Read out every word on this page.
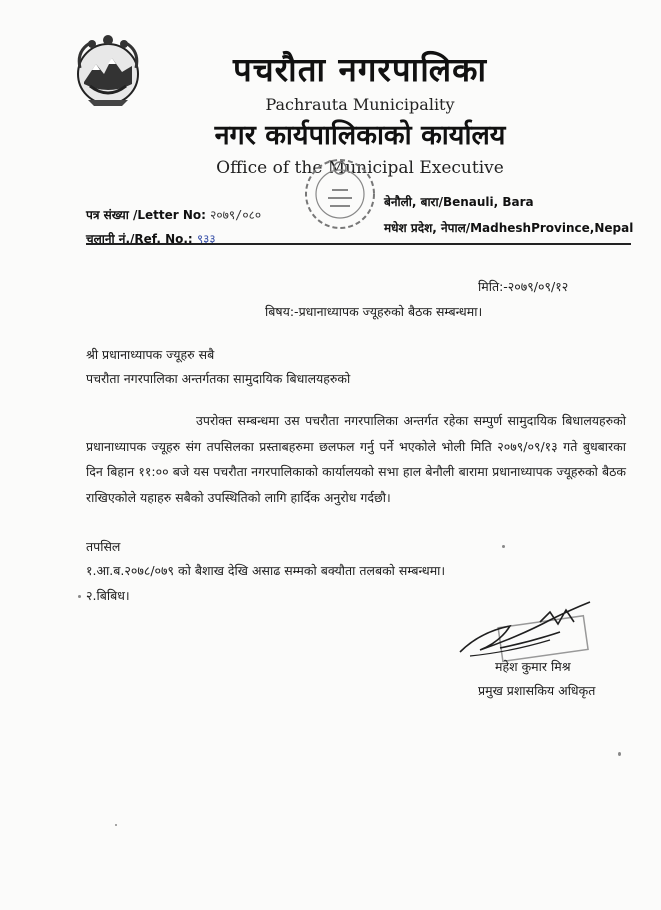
पचरौता नगरपालिका
Pachrauta Municipality
नगर कार्यपालिकाको कार्यालय
Office of the Municipal Executive
पत्र संख्या /Letter No: २०७९/०८०
चलानी नं./Ref. No.: ९३३
बेनौली, बारा/Benauli, Bara
मधेश प्रदेश, नेपाल/MadheshProvince,Nepal
मिति:-२०७९/०९/१२
बिषय:-प्रधानाध्यापक ज्यूहरुको बैठक सम्बन्धमा।
श्री प्रधानाध्यापक ज्यूहरु सबै
पचरौता नगरपालिका अन्तर्गतका सामुदायिक बिधालयहरुको
उपरोक्त सम्बन्धमा उस पचरौता नगरपालिका अन्तर्गत रहेका सम्पुर्ण सामुदायिक बिधालयहरुको प्रधानाध्यापक ज्यूहरु संग तपसिलका प्रस्ताबहरुमा छलफल गर्नु पर्ने भएकोले भोली मिति २०७९/०९/१३ गते बुधबारका दिन बिहान ११:०० बजे यस पचरौता नगरपालिकाको कार्यालयको सभा हाल बेनौली बारामा प्रधानाध्यापक ज्यूहरुको बैठक राखिएकोले यहाहरु सबैको उपस्थितिको लागि हार्दिक अनुरोध गर्दछौ।
तपसिल
१.आ.ब.२०७८/०७९ को बैशाख देखि असाढ सम्मको बक्यौता तलबको सम्बन्धमा।
२.बिबिध।
महेश कुमार मिश्र
प्रमुख प्रशासकिय अधिकृत
